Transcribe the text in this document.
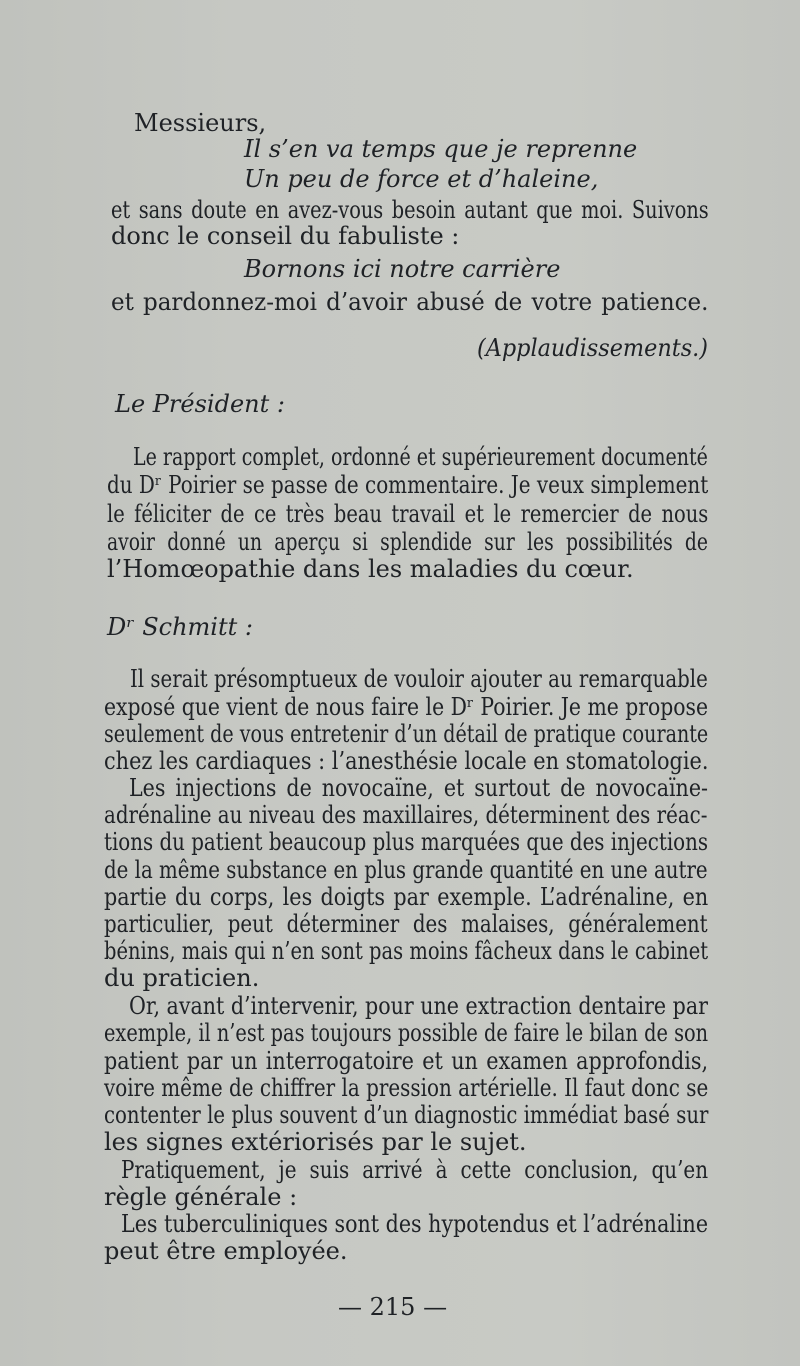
Messieurs,
Il s’en va temps que je reprenne
Un peu de force et d’haleine,
et sans doute en avez-vous besoin autant que moi. Suivons
donc le conseil du fabuliste :
Bornons ici notre carrière
et pardonnez-moi d’avoir abusé de votre patience.
(Applaudissements.)
Le Président :
Le rapport complet, ordonné et supérieurement documenté
du Dʳ Poirier se passe de commentaire. Je veux simplement
le féliciter de ce très beau travail et le remercier de nous
avoir donné un aperçu si splendide sur les possibilités de
l’Homœopathie dans les maladies du cœur.
Dʳ Schmitt :
Il serait présomptueux de vouloir ajouter au remarquable
exposé que vient de nous faire le Dʳ Poirier. Je me propose
seulement de vous entretenir d’un détail de pratique courante
chez les cardiaques : l’anesthésie locale en stomatologie.
Les injections de novocaïne, et surtout de novocaïne-
adrénaline au niveau des maxillaires, déterminent des réac-
tions du patient beaucoup plus marquées que des injections
de la même substance en plus grande quantité en une autre
partie du corps, les doigts par exemple. L’adrénaline, en
particulier, peut déterminer des malaises, généralement
bénins, mais qui n’en sont pas moins fâcheux dans le cabinet
du praticien.
Or, avant d’intervenir, pour une extraction dentaire par
exemple, il n’est pas toujours possible de faire le bilan de son
patient par un interrogatoire et un examen approfondis,
voire même de chiffrer la pression artérielle. Il faut donc se
contenter le plus souvent d’un diagnostic immédiat basé sur
les signes extériorisés par le sujet.
Pratiquement, je suis arrivé à cette conclusion, qu’en
règle générale :
Les tuberculiniques sont des hypotendus et l’adrénaline
peut être employée.
— 215 —
